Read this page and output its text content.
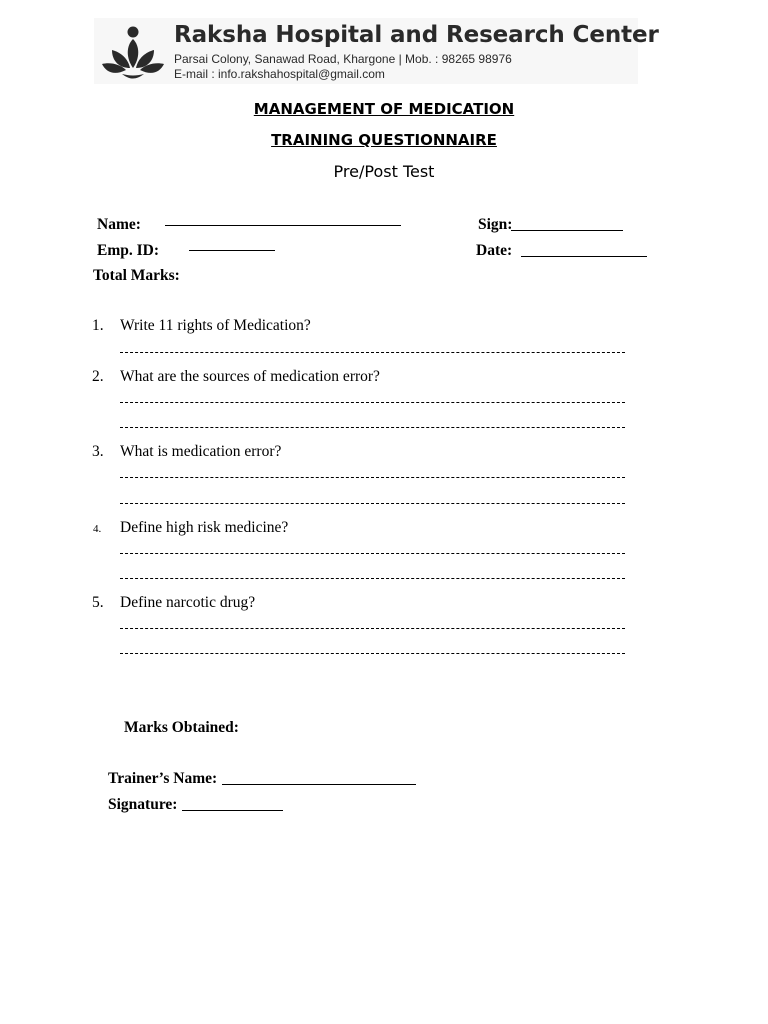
Raksha Hospital and Research Center
Parsai Colony, Sanawad Road, Khargone | Mob. : 98265 98976
E-mail : info.rakshahospital@gmail.com
MANAGEMENT OF MEDICATION
TRAINING QUESTIONNAIRE
Pre/Post Test
Name:	Sign:
Emp. ID:	Date:
Total Marks:
1. Write 11 rights of Medication?
2. What are the sources of medication error?
3. What is medication error?
4. Define high risk medicine?
5. Define narcotic drug?
Marks Obtained:
Trainer’s Name:
Signature:
